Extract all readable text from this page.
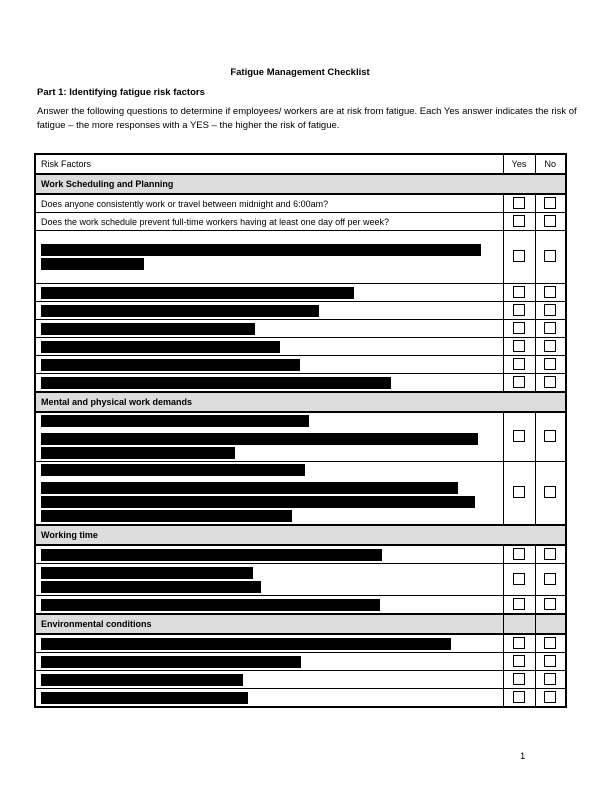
Fatigue Management Checklist
Part 1: Identifying fatigue risk factors
Answer the following questions to determine if employees/ workers are at risk from fatigue. Each Yes answer indicates the risk of fatigue – the more responses with a YES – the higher the risk of fatigue.
Risk Factors	Yes	No
Work Scheduling and Planning		
Does anyone consistently work or travel between midnight and 6:00am?		
Does the work schedule prevent full-time workers having at least one day off per week?		

Mental and physical work demands		

Working time		

Environmental conditions		

1
